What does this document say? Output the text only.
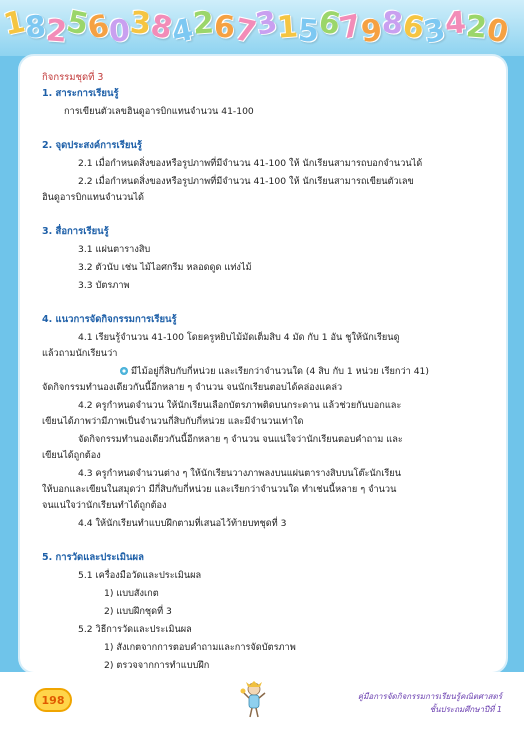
1
8
2
5
6
0
3
8
4
2
6
7
3
1
5
6
7
9
8
6
3
4
2
0
กิจกรรมชุดที่ 3
1. สาระการเรียนรู้
การเขียนตัวเลขฮินดูอารบิกแทนจำนวน 41-100
2. จุดประสงค์การเรียนรู้
2.1 เมื่อกำหนดสิ่งของหรือรูปภาพที่มีจำนวน 41-100 ให้ นักเรียนสามารถบอกจำนวนได้
2.2 เมื่อกำหนดสิ่งของหรือรูปภาพที่มีจำนวน 41-100 ให้ นักเรียนสามารถเขียนตัวเลข
ฮินดูอารบิกแทนจำนวนได้
3. สื่อการเรียนรู้
3.1 แผ่นตารางสิบ
3.2 ตัวนับ เช่น ไม้ไอศกรีม หลอดดูด แท่งไม้
3.3 บัตรภาพ
4. แนวการจัดกิจกรรมการเรียนรู้
4.1 เรียนรู้จำนวน 41-100 โดยครูหยิบไม้มัดเต็มสิบ 4 มัด กับ 1 อัน ชูให้นักเรียนดู
แล้วถามนักเรียนว่า
มีไม้อยู่กี่สิบกับกี่หน่วย และเรียกว่าจำนวนใด (4 สิบ กับ 1 หน่วย เรียกว่า 41)
จัดกิจกรรมทำนองเดียวกันนี้อีกหลาย ๆ จำนวน จนนักเรียนตอบได้คล่องแคล่ว
4.2 ครูกำหนดจำนวน ให้นักเรียนเลือกบัตรภาพติดบนกระดาน แล้วช่วยกันบอกและ
เขียนได้ภาพว่ามีภาพเป็นจำนวนกี่สิบกับกี่หน่วย และมีจำนวนเท่าใด
จัดกิจกรรมทำนองเดียวกันนี้อีกหลาย ๆ จำนวน จนแน่ใจว่านักเรียนตอบคำถาม และ
เขียนได้ถูกต้อง
4.3 ครูกำหนดจำนวนต่าง ๆ ให้นักเรียนวางภาพลงบนแผ่นตารางสิบบนโต๊ะนักเรียน
ให้บอกและเขียนในสมุดว่า มีกี่สิบกับกี่หน่วย และเรียกว่าจำนวนใด ทำเช่นนี้หลาย ๆ จำนวน
จนแน่ใจว่านักเรียนทำได้ถูกต้อง
4.4 ให้นักเรียนทำแบบฝึกตามที่เสนอไว้ท้ายบทชุดที่ 3
5. การวัดและประเมินผล
5.1 เครื่องมือวัดและประเมินผล
1) แบบสังเกต
2) แบบฝึกชุดที่ 3
5.2 วิธีการวัดและประเมินผล
1) สังเกตจากการตอบคำถามและการจัดบัตรภาพ
2) ตรวจจากการทำแบบฝึก
198	คู่มือการจัดกิจกรรมการเรียนรู้คณิตศาสตร์
ชั้นประถมศึกษาปีที่ 1
